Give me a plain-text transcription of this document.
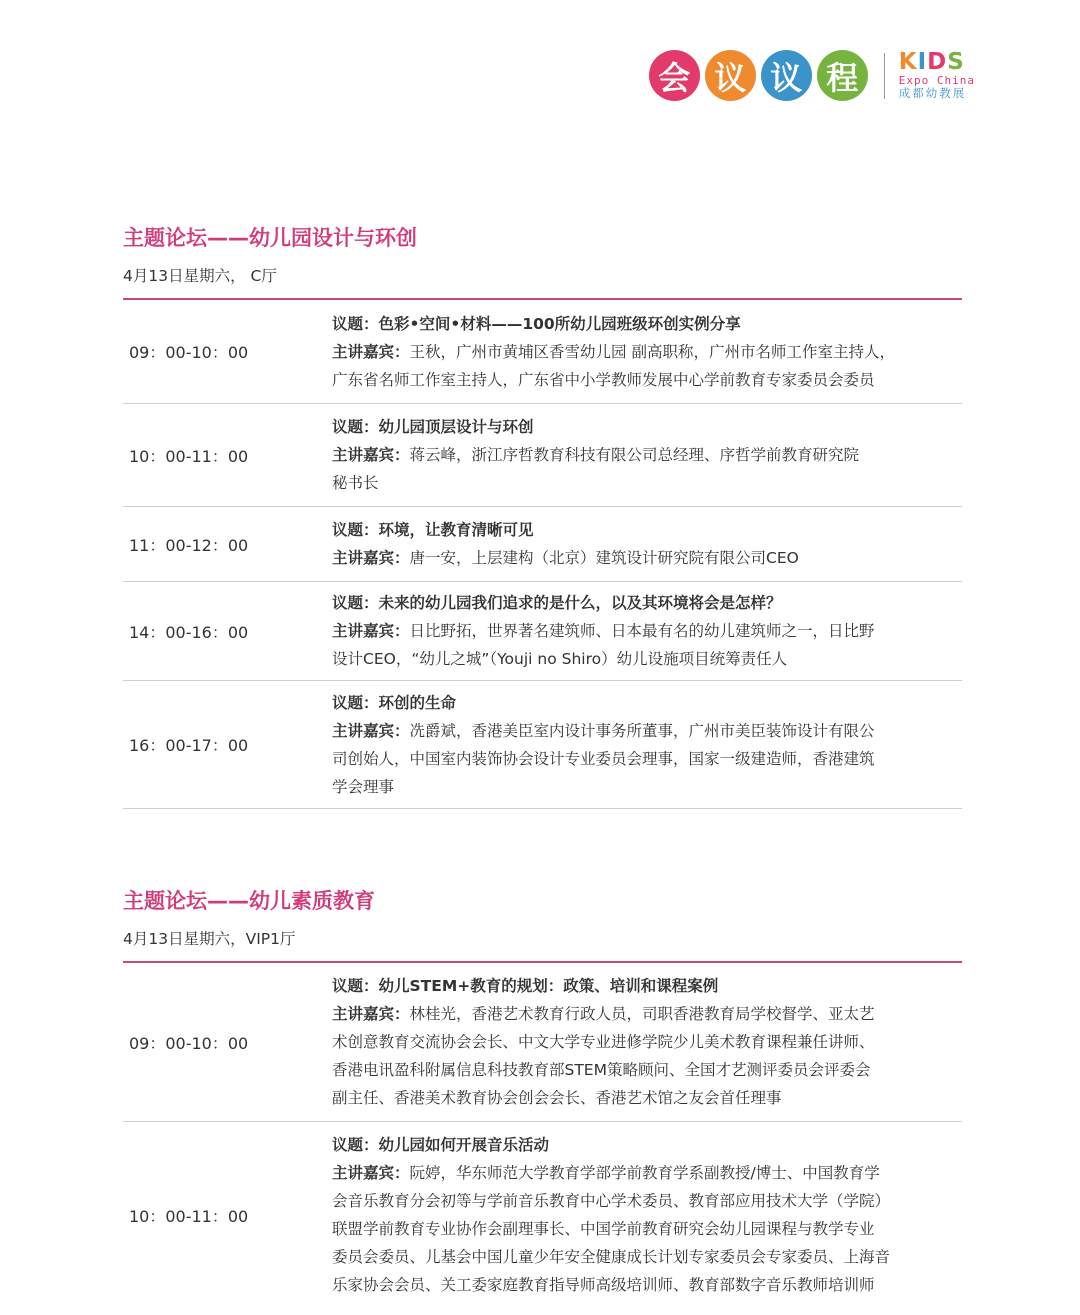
会 议 议 程	KIDS
Expo China
成都幼教展
主题论坛——幼儿园设计与环创
4月13日星期六， C厅
09：00-10：00
议题：色彩•空间•材料——100所幼儿园班级环创实例分享
主讲嘉宾：王秋，广州市黄埔区香雪幼儿园 副高职称，广州市名师工作室主持人，
广东省名师工作室主持人，广东省中小学教师发展中心学前教育专家委员会委员
10：00-11：00
议题：幼儿园顶层设计与环创
主讲嘉宾：蒋云峰，浙江序哲教育科技有限公司总经理、序哲学前教育研究院
秘书长
11：00-12：00
议题：环境，让教育清晰可见
主讲嘉宾：唐一安，上层建构（北京）建筑设计研究院有限公司CEO
14：00-16：00
议题：未来的幼儿园我们追求的是什么，以及其环境将会是怎样？
主讲嘉宾：日比野拓，世界著名建筑师、日本最有名的幼儿建筑师之一，日比野
设计CEO，“幼儿之城”（Youji no Shiro）幼儿设施项目统筹责任人
16：00-17：00
议题：环创的生命
主讲嘉宾：冼爵斌，香港美臣室内设计事务所董事，广州市美臣装饰设计有限公
司创始人，中国室内装饰协会设计专业委员会理事，国家一级建造师，香港建筑
学会理事
主题论坛——幼儿素质教育
4月13日星期六，VIP1厅
09：00-10：00
议题：幼儿STEM+教育的规划：政策、培训和课程案例
主讲嘉宾：林桂光，香港艺术教育行政人员，司职香港教育局学校督学、亚太艺
术创意教育交流协会会长、中文大学专业进修学院少儿美术教育课程兼任讲师、
香港电讯盈科附属信息科技教育部STEM策略顾问、全国才艺测评委员会评委会
副主任、香港美术教育协会创会会长、香港艺术馆之友会首任理事
10：00-11：00
议题：幼儿园如何开展音乐活动
主讲嘉宾：阮婷，华东师范大学教育学部学前教育学系副教授/博士、中国教育学
会音乐教育分会初等与学前音乐教育中心学术委员、教育部应用技术大学（学院）
联盟学前教育专业协作会副理事长、中国学前教育研究会幼儿园课程与教学专业
委员会委员、儿基会中国儿童少年安全健康成长计划专家委员会专家委员、上海音
乐家协会会员、关工委家庭教育指导师高级培训师、教育部数字音乐教师培训师
